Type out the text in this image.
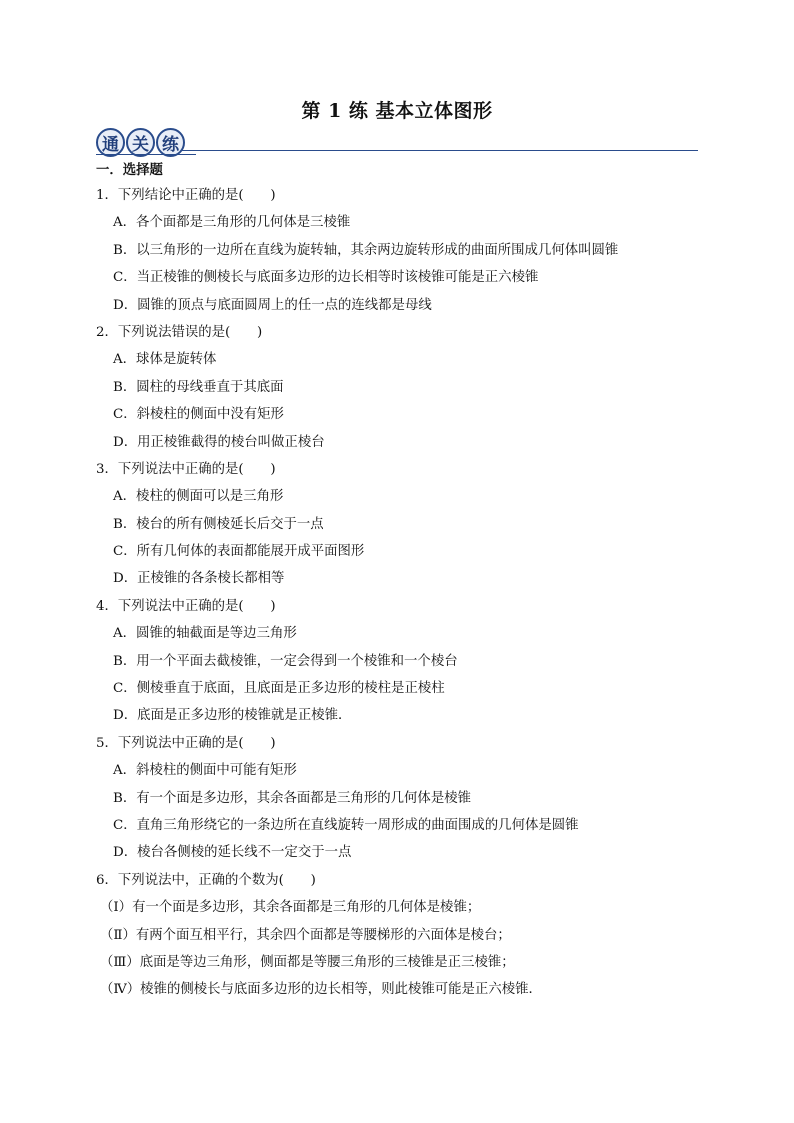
第 1 练 基本立体图形
通 关 练
一．选择题
1．下列结论中正确的是(　　)
A．各个面都是三角形的几何体是三棱锥
B．以三角形的一边所在直线为旋转轴，其余两边旋转形成的曲面所围成几何体叫圆锥
C．当正棱锥的侧棱长与底面多边形的边长相等时该棱锥可能是正六棱锥
D．圆锥的顶点与底面圆周上的任一点的连线都是母线
2．下列说法错误的是(　　)
A．球体是旋转体
B．圆柱的母线垂直于其底面
C．斜棱柱的侧面中没有矩形
D．用正棱锥截得的棱台叫做正棱台
3．下列说法中正确的是(　　)
A．棱柱的侧面可以是三角形
B．棱台的所有侧棱延长后交于一点
C．所有几何体的表面都能展开成平面图形
D．正棱锥的各条棱长都相等
4．下列说法中正确的是(　　)
A．圆锥的轴截面是等边三角形
B．用一个平面去截棱锥，一定会得到一个棱锥和一个棱台
C．侧棱垂直于底面，且底面是正多边形的棱柱是正棱柱
D．底面是正多边形的棱锥就是正棱锥．
5．下列说法中正确的是(　　)
A．斜棱柱的侧面中可能有矩形
B．有一个面是多边形，其余各面都是三角形的几何体是棱锥
C．直角三角形绕它的一条边所在直线旋转一周形成的曲面围成的几何体是圆锥
D．棱台各侧棱的延长线不一定交于一点
6．下列说法中，正确的个数为(　　)
（Ⅰ）有一个面是多边形，其余各面都是三角形的几何体是棱锥；
（Ⅱ）有两个面互相平行，其余四个面都是等腰梯形的六面体是棱台；
（Ⅲ）底面是等边三角形，侧面都是等腰三角形的三棱锥是正三棱锥；
（Ⅳ）棱锥的侧棱长与底面多边形的边长相等，则此棱锥可能是正六棱锥．
